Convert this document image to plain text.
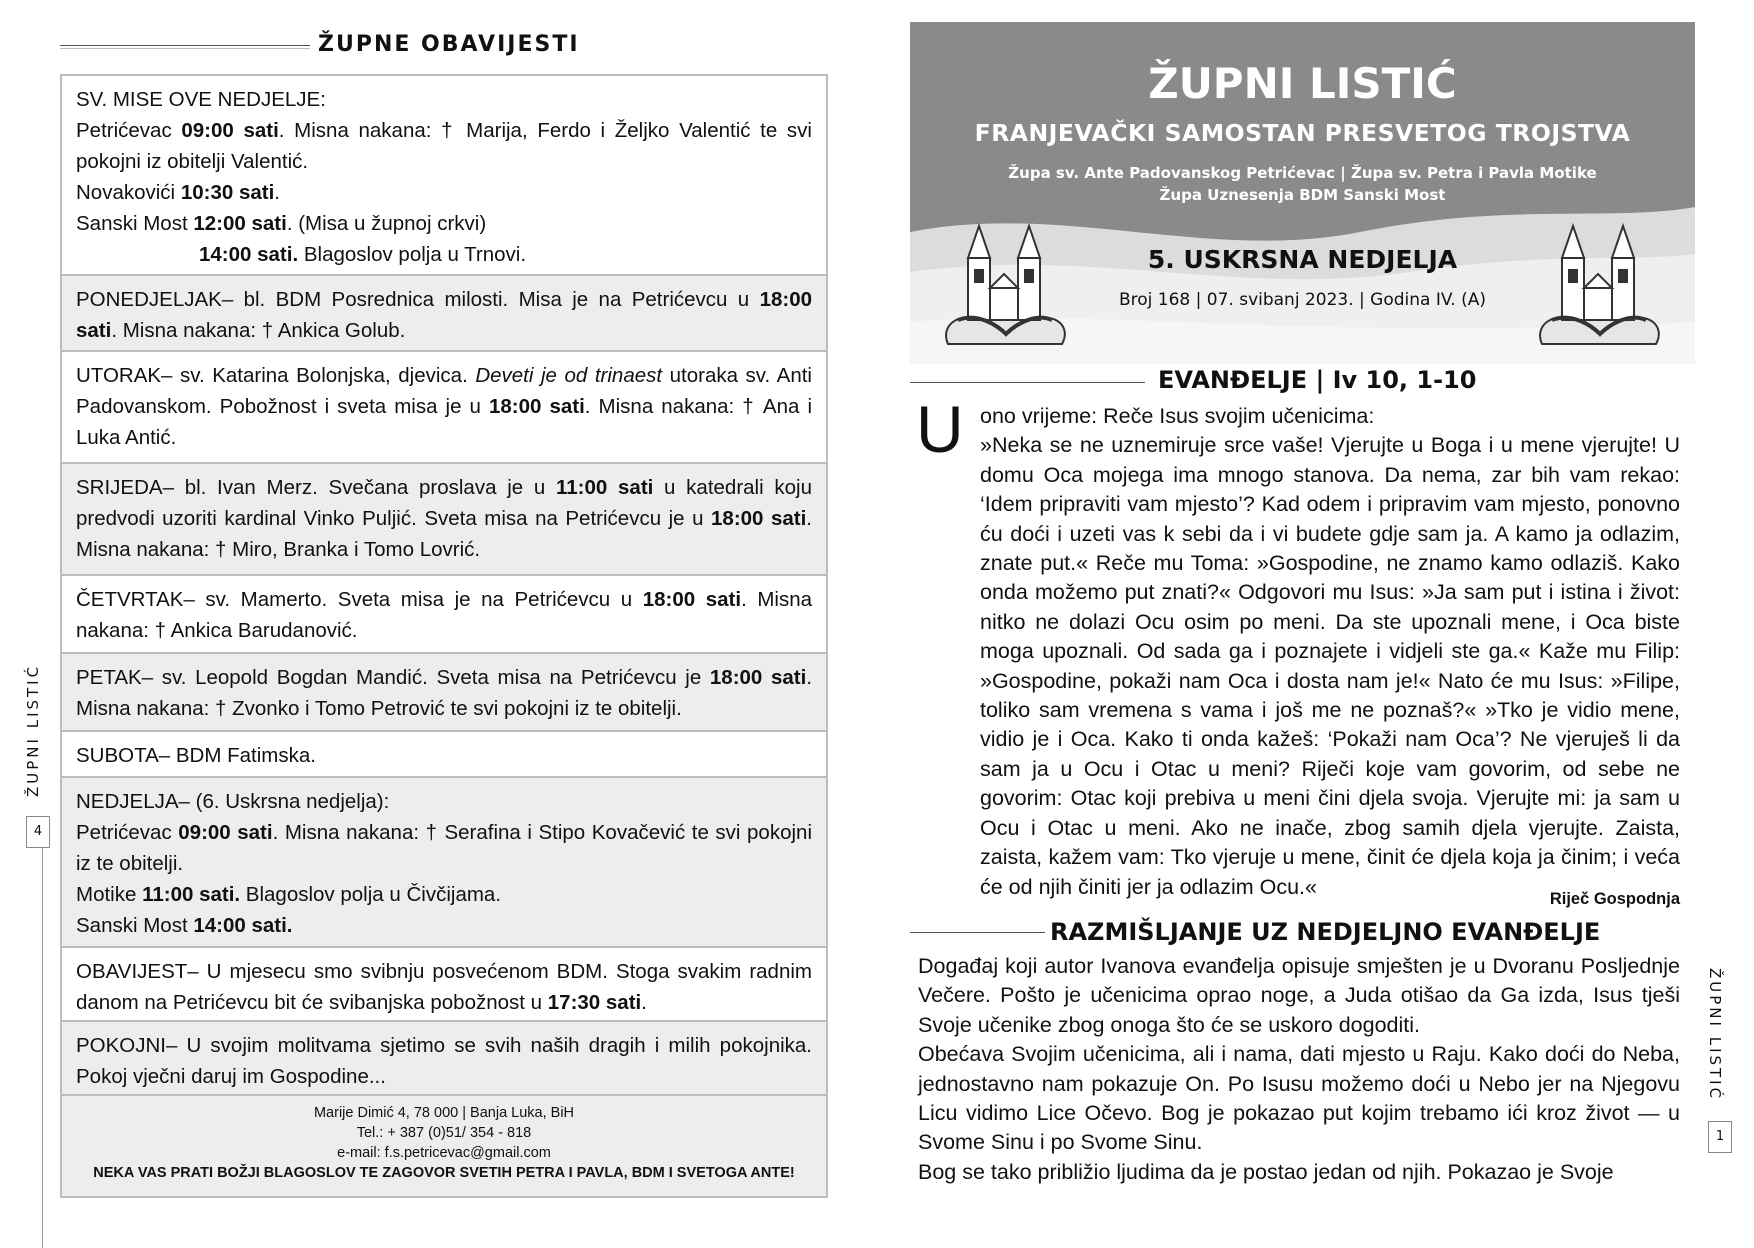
ŽUPNE OBAVIJESTI
SV. MISE OVE NEDJELJE:
Petrićevac 09:00 sati. Misna nakana: † Marija, Ferdo i Željko Valentić te svi pokojni iz obitelji Valentić.
Novakovići 10:30 sati.
Sanski Most 12:00 sati. (Misa u župnoj crkvi)
14:00 sati. Blagoslov polja u Trnovi.
PONEDJELJAK– bl. BDM Posrednica milosti. Misa je na Petrićevcu u 18:00 sati. Misna nakana: † Ankica Golub.
UTORAK– sv. Katarina Bolonjska, djevica. Deveti je od trinaest utoraka sv. Anti Padovanskom. Pobožnost i sveta misa je u 18:00 sati. Misna nakana: † Ana i Luka Antić.
SRIJEDA– bl. Ivan Merz. Svečana proslava je u 11:00 sati u katedrali koju predvodi uzoriti kardinal Vinko Puljić. Sveta misa na Petrićevcu je u 18:00 sati. Misna nakana: † Miro, Branka i Tomo Lovrić.
ČETVRTAK– sv. Mamerto. Sveta misa je na Petrićevcu u 18:00 sati. Misna nakana: † Ankica Barudanović.
PETAK– sv. Leopold Bogdan Mandić. Sveta misa na Petrićevcu je 18:00 sati. Misna nakana: † Zvonko i Tomo Petrović te svi pokojni iz te obitelji.
SUBOTA– BDM Fatimska.
NEDJELJA– (6. Uskrsna nedjelja):
Petrićevac 09:00 sati. Misna nakana: † Serafina i Stipo Kovačević te svi pokojni iz te obitelji.
Motike 11:00 sati. Blagoslov polja u Čivčijama.
Sanski Most 14:00 sati.
OBAVIJEST– U mjesecu smo svibnju posvećenom BDM. Stoga svakim radnim danom na Petrićevcu bit će svibanjska pobožnost u 17:30 sati.
POKOJNI– U svojim molitvama sjetimo se svih naših dragih i milih pokojnika. Pokoj vječni daruj im Gospodine...
Marije Dimić 4, 78 000 | Banja Luka, BiH
Tel.: + 387 (0)51/ 354 - 818
e-mail: f.s.petricevac@gmail.com
NEKA VAS PRATI BOŽJI BLAGOSLOV TE ZAGOVOR SVETIH PETRA I PAVLA, BDM I SVETOGA ANTE!
ŽUPNI LISTIĆ
4
ŽUPNI LISTIĆ
FRANJEVAČKI SAMOSTAN PRESVETOG TROJSTVA
Župa sv. Ante Padovanskog Petrićevac | Župa sv. Petra i Pavla Motike
Župa Uznesenja BDM Sanski Most
5. USKRSNA NEDJELJA
Broj 168 | 07. svibanj 2023. | Godina IV. (A)
EVANĐELJE | Iv 10, 1-10
U ono vrijeme: Reče Isus svojim učenicima:
»Neka se ne uznemiruje srce vaše! Vjerujte u Boga i u mene vjerujte! U domu Oca mojega ima mnogo stanova. Da nema, zar bih vam rekao: ‘Idem pripraviti vam mjesto’? Kad odem i pripravim vam mjesto, ponovno ću doći i uzeti vas k sebi da i vi budete gdje sam ja. A kamo ja odlazim, znate put.« Reče mu Toma: »Gospodine, ne znamo kamo odlaziš. Kako onda možemo put znati?« Odgovori mu Isus: »Ja sam put i istina i život: nitko ne dolazi Ocu osim po meni. Da ste upoznali mene, i Oca biste moga upoznali. Od sada ga i poznajete i vidjeli ste ga.« Kaže mu Filip: »Gospodine, pokaži nam Oca i dosta nam je!« Nato će mu Isus: »Filipe, toliko sam vremena s vama i još me ne poznaš?« »Tko je vidio mene, vidio je i Oca. Kako ti onda kažeš: ‘Pokaži nam Oca’? Ne vjeruješ li da sam ja u Ocu i Otac u meni? Riječi koje vam govorim, od sebe ne govorim: Otac koji prebiva u meni čini djela svoja. Vjerujte mi: ja sam u Ocu i Otac u meni. Ako ne inače, zbog samih djela vjerujte. Zaista, zaista, kažem vam: Tko vjeruje u mene, činit će djela koja ja činim; i veća će od njih činiti jer ja odlazim Ocu.«
Riječ Gospodnja
RAZMIŠLJANJE UZ NEDJELJNO EVANĐELJE
Događaj koji autor Ivanova evanđelja opisuje smješten je u Dvoranu Posljednje Večere. Pošto je učenicima oprao noge, a Juda otišao da Ga izda, Isus tješi Svoje učenike zbog onoga što će se uskoro dogoditi.
Obećava Svojim učenicima, ali i nama, dati mjesto u Raju. Kako doći do Neba, jednostavno nam pokazuje On. Po Isusu možemo doći u Nebo jer na Njegovu Licu vidimo Lice Očevo. Bog je pokazao put kojim trebamo ići kroz život — u Svome Sinu i po Svome Sinu.
Bog se tako približio ljudima da je postao jedan od njih. Pokazao je Svoje
ŽUPNI LISTIĆ
1
